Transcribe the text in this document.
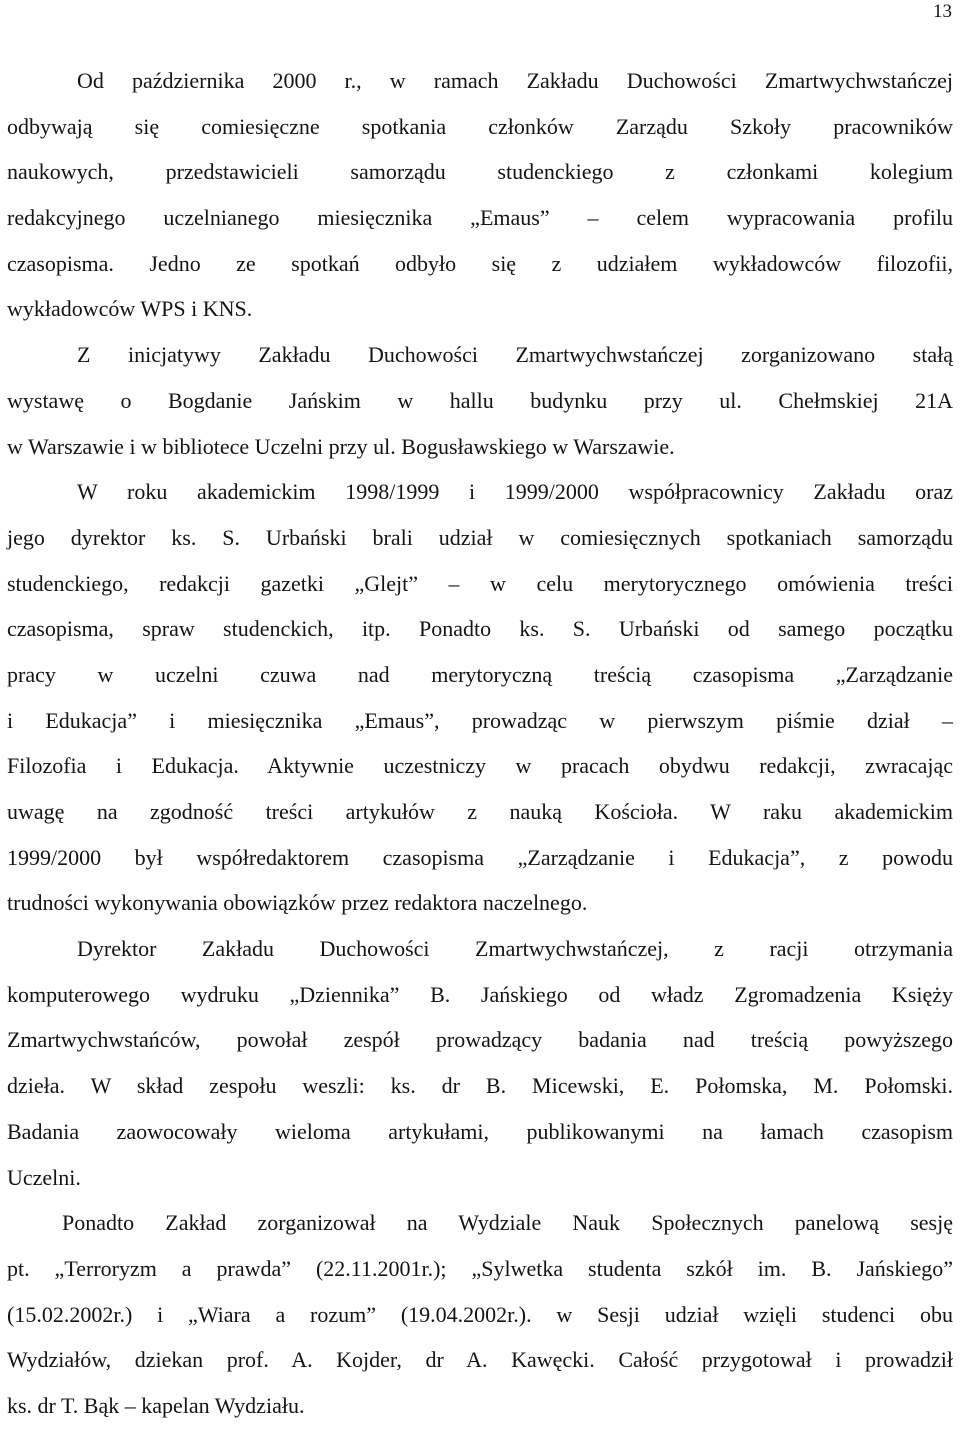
13
Od października 2000 r., w ramach Zakładu Duchowości Zmartwychwstańczej
odbywają się comiesięczne spotkania członków Zarządu Szkoły pracowników
naukowych, przedstawicieli samorządu studenckiego z członkami kolegium
redakcyjnego uczelnianego miesięcznika „Emaus” – celem wypracowania profilu
czasopisma. Jedno ze spotkań odbyło się z udziałem wykładowców filozofii,
wykładowców WPS i KNS.
Z inicjatywy Zakładu Duchowości Zmartwychwstańczej zorganizowano stałą
wystawę o Bogdanie Jańskim w hallu budynku przy ul. Chełmskiej 21A
w Warszawie i w bibliotece Uczelni przy ul. Bogusławskiego w Warszawie.
W roku akademickim 1998/1999 i 1999/2000 współpracownicy Zakładu oraz
jego dyrektor ks. S. Urbański brali udział w comiesięcznych spotkaniach samorządu
studenckiego, redakcji gazetki „Glejt” – w celu merytorycznego omówienia treści
czasopisma, spraw studenckich, itp. Ponadto ks. S. Urbański od samego początku
pracy w uczelni czuwa nad merytoryczną treścią czasopisma „Zarządzanie
i Edukacja” i miesięcznika „Emaus”, prowadząc w pierwszym piśmie dział –
Filozofia i Edukacja. Aktywnie uczestniczy w pracach obydwu redakcji, zwracając
uwagę na zgodność treści artykułów z nauką Kościoła. W raku akademickim
1999/2000 był współredaktorem czasopisma „Zarządzanie i Edukacja”, z powodu
trudności wykonywania obowiązków przez redaktora naczelnego.
Dyrektor Zakładu Duchowości Zmartwychwstańczej, z racji otrzymania
komputerowego wydruku „Dziennika” B. Jańskiego od władz Zgromadzenia Księży
Zmartwychwstańców, powołał zespół prowadzący badania nad treścią powyższego
dzieła. W skład zespołu weszli: ks. dr B. Micewski, E. Połomska, M. Połomski.
Badania zaowocowały wieloma artykułami, publikowanymi na łamach czasopism
Uczelni.
Ponadto Zakład zorganizował na Wydziale Nauk Społecznych panelową sesję
pt. „Terroryzm a prawda” (22.11.2001r.); „Sylwetka studenta szkół im. B. Jańskiego”
(15.02.2002r.) i „Wiara a rozum” (19.04.2002r.). w Sesji udział wzięli studenci obu
Wydziałów, dziekan prof. A. Kojder, dr A. Kawęcki. Całość przygotował i prowadził
ks. dr T. Bąk – kapelan Wydziału.
